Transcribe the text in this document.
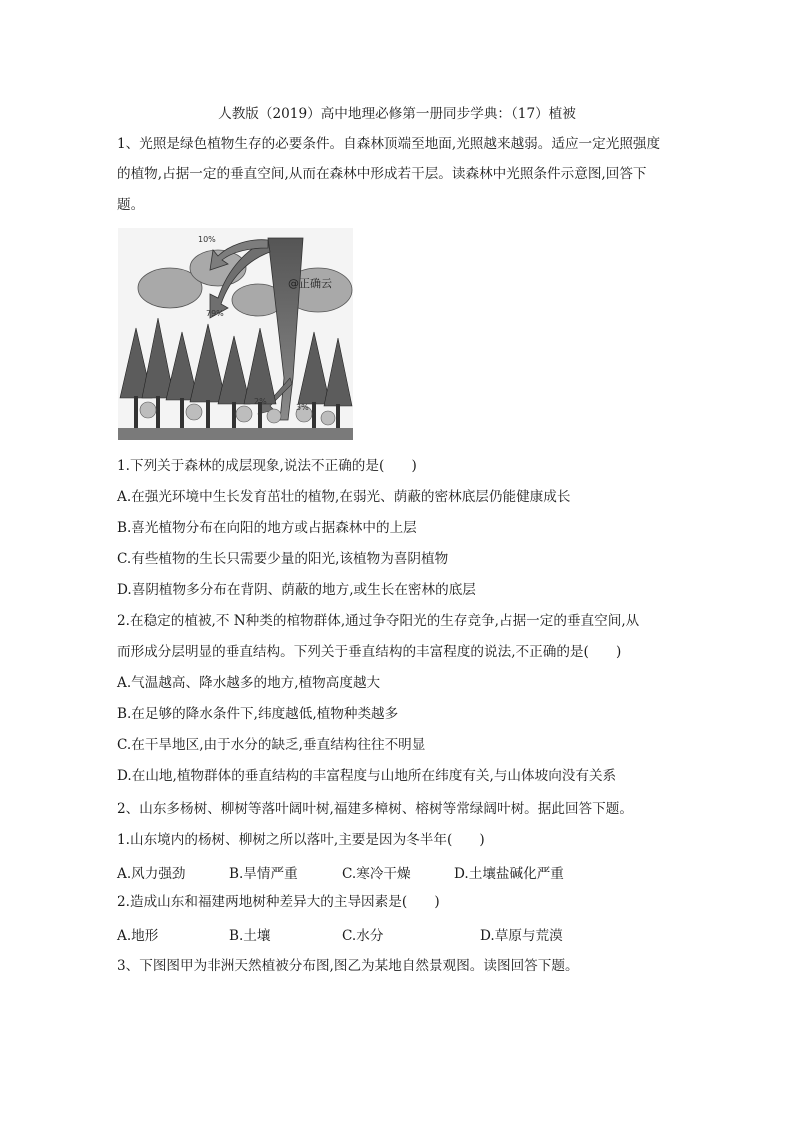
人教版（2019）高中地理必修第一册同步学典：（17）植被
1、光照是绿色植物生存的必要条件。自森林顶端至地面,光照越来越弱。适应一定光照强度
的植物,占据一定的垂直空间,从而在森林中形成若干层。读森林中光照条件示意图,回答下
题。
10%
79%
2%
3%
@正确云
1.下列关于森林的成层现象,说法不正确的是(　　)
A.在强光环境中生长发育茁壮的植物,在弱光、荫蔽的密林底层仍能健康成长
B.喜光植物分布在向阳的地方或占据森林中的上层
C.有些植物的生长只需要少量的阳光,该植物为喜阴植物
D.喜阴植物多分布在背阴、荫蔽的地方,或生长在密林的底层
2.在稳定的植被,不 N种类的棺物群体,通过争夺阳光的生存竞争,占据一定的垂直空间,从
而形成分层明显的垂直结构。下列关于垂直结构的丰富程度的说法,不正确的是(　　)
A.气温越高、降水越多的地方,植物高度越大
B.在足够的降水条件下,纬度越低,植物种类越多
C.在干旱地区,由于水分的缺乏,垂直结构往往不明显
D.在山地,植物群体的垂直结构的丰富程度与山地所在纬度有关,与山体坡向没有关系
2、山东多杨树、柳树等落叶阔叶树,福建多樟树、榕树等常绿阔叶树。据此回答下题。
1.山东境内的杨树、柳树之所以落叶,主要是因为冬半年(　　)
A.风力强劲	B.旱情严重	C.寒冷干燥	D.土壤盐碱化严重
2.造成山东和福建两地树种差异大的主导因素是(　　)
A.地形	B.土壤	C.水分	D.草原与荒漠
3、下图图甲为非洲天然植被分布图,图乙为某地自然景观图。读图回答下题。
